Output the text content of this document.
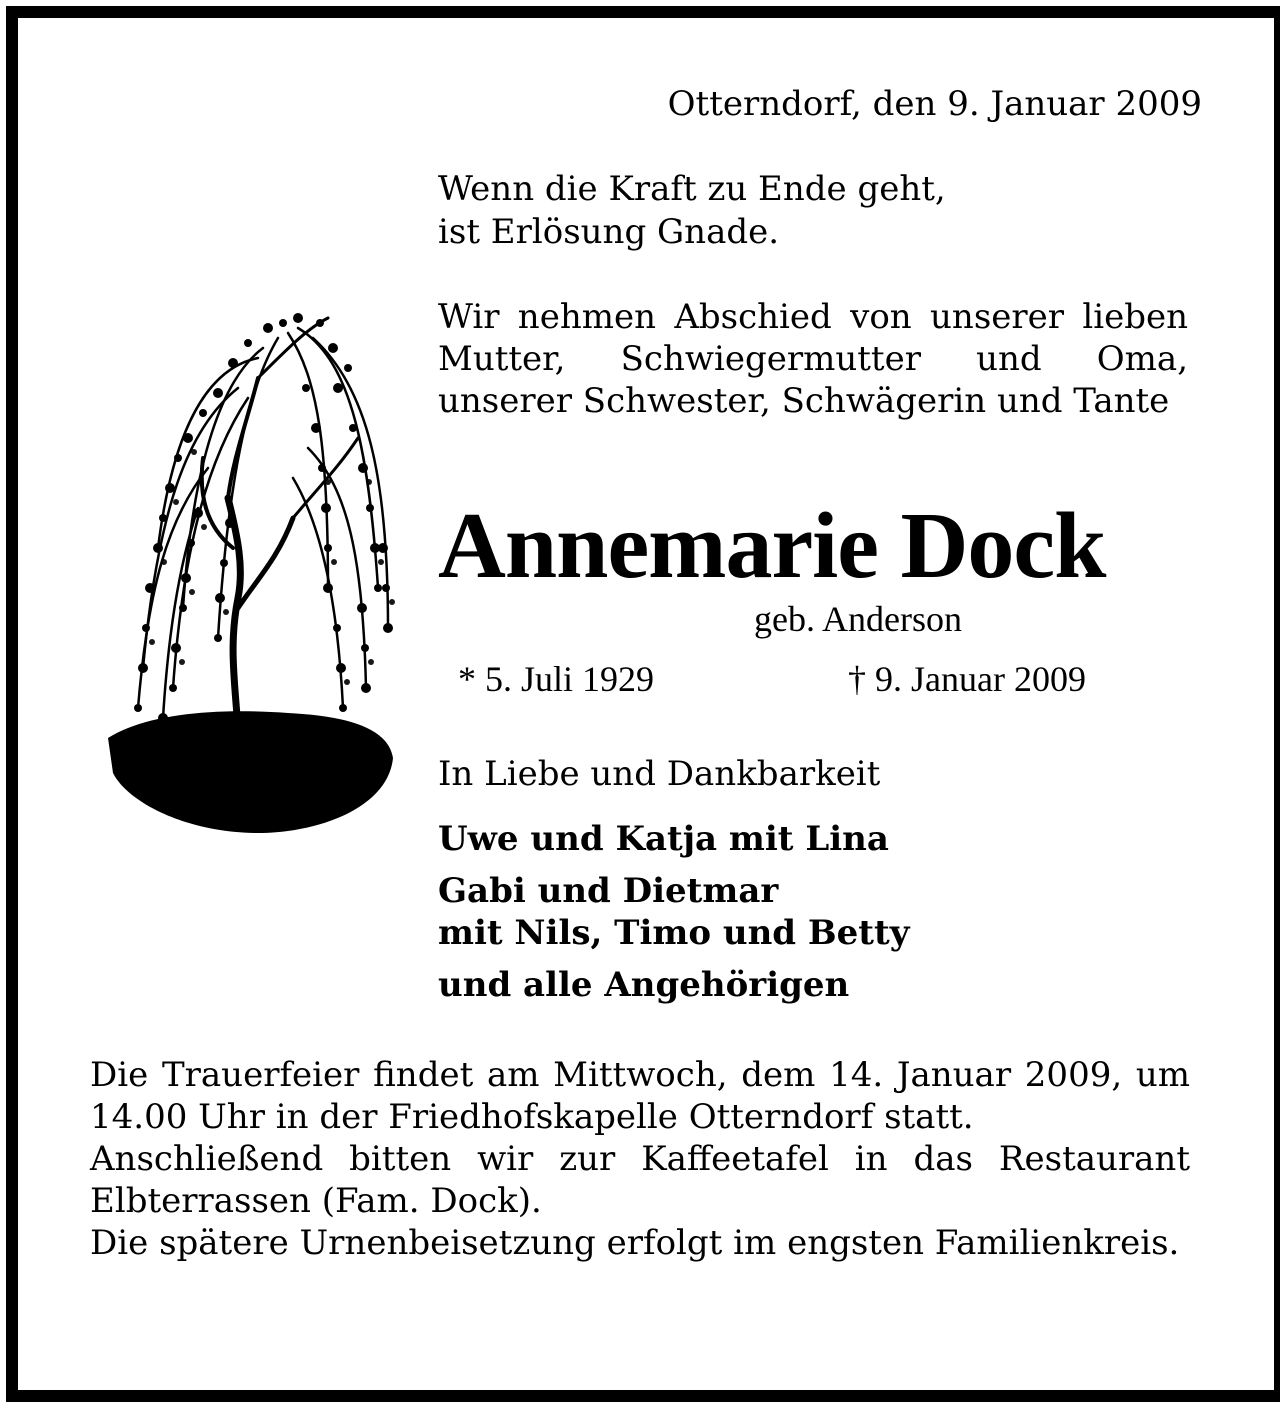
Otterndorf, den 9. Januar 2009
Wenn die Kraft zu Ende geht,
ist Erlösung Gnade.
Wir nehmen Abschied von unserer lieben Mutter, Schwiegermutter und Oma, unserer Schwester, Schwägerin und Tante
Annemarie Dock
geb. Anderson
* 5. Juli 1929	† 9. Januar 2009
In Liebe und Dankbarkeit
Uwe und Katja mit Lina
Gabi und Dietmar
mit Nils, Timo und Betty
und alle Angehörigen

Die Trauerfeier findet am Mittwoch, dem 14. Januar 2009, um 14.00 Uhr in der Friedhofskapelle Otterndorf statt.

Anschließend bitten wir zur Kaffeetafel in das Restaurant Elbterrassen (Fam. Dock).

Die spätere Urnenbeisetzung erfolgt im engsten Familienkreis.
